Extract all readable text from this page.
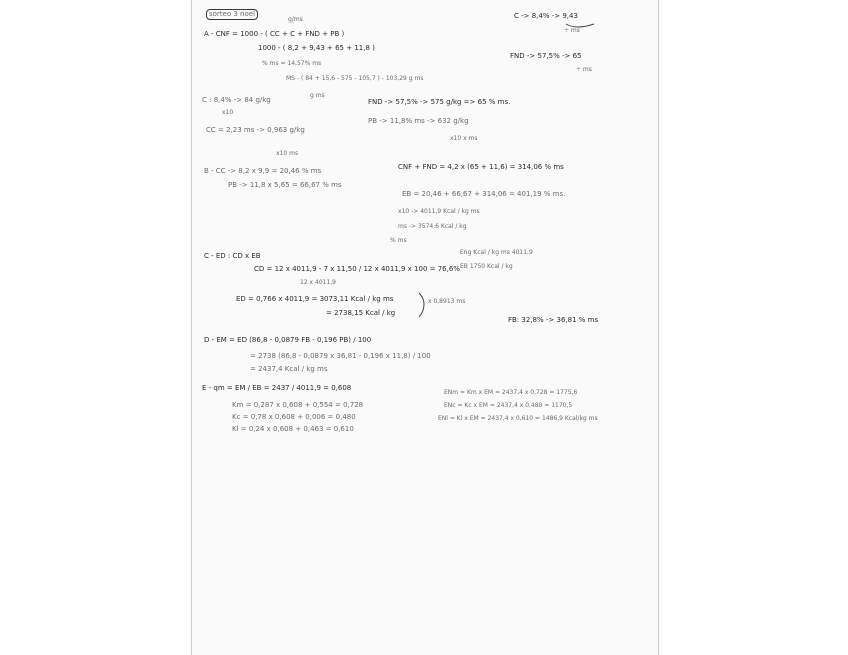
sorteo 3 noel	C -> 8,4% -> 9,43
÷ ms
A - CNF = 1000 - ( CC + C + FND + PB )
1000 - ( 8,2 + 9,43 + 65 + 11,8 )
% ms = 14,57% ms
FND -> 57,5% -> 65
÷ ms
g/ms
MS - ( 84 + 15,6 - 575 - 105,7 ) - 103,29 g ms
C : 8,4% -> 84 g/kg
x10
g ms
FND -> 57,5% -> 575 g/kg => 65 % ms.
PB -> 11,8% ms -> 632 g/kg
x10 x ms
CC = 2,23 ms -> 0,963 g/kg
x10 ms
B - CC -> 8,2 x 9,9 = 20,46 % ms
PB -> 11,8 x 5,65 = 66,67 % ms
CNF + FND = 4,2 x (65 + 11,6) = 314,06 % ms
EB = 20,46 + 66,67 + 314,06 = 401,19 % ms.
x10 -> 4011,9 Kcal / kg ms
ms -> 3574,6 Kcal / kg
% ms
C - ED : CD x EB
CD = 12 x 4011,9 - 7 x 11,50 / 12 x 4011,9 x 100 = 76,6%
12 x 4011,9
ED = 0,766 x 4011,9 = 3073,11 Kcal / kg ms
= 2738,15 Kcal / kg
x 0,8913 ms
Eng Kcal / kg ms 4011,9
EB 1750 Kcal / kg
FB: 32,8% -> 36,81 % ms
D - EM = ED (86,8 - 0,0879 FB - 0,196 PB) / 100
= 2738 (86,8 - 0,0879 x 36,81 - 0,196 x 11,8) / 100
= 2437,4 Kcal / kg ms
E - qm = EM / EB = 2437 / 4011,9 = 0,608
Km = 0,287 x 0,608 + 0,554 = 0,728
Kc = 0,78 x 0,608 + 0,006 = 0,480
Kl = 0,24 x 0,608 + 0,463 = 0,610
ENm = Km x EM = 2437,4 x 0,728 = 1775,6
ENc = Kc x EM = 2437,4 x 0,480 = 1170,5
ENl = Kl x EM = 2437,4 x 0,610 = 1486,9 Kcal/kg ms
